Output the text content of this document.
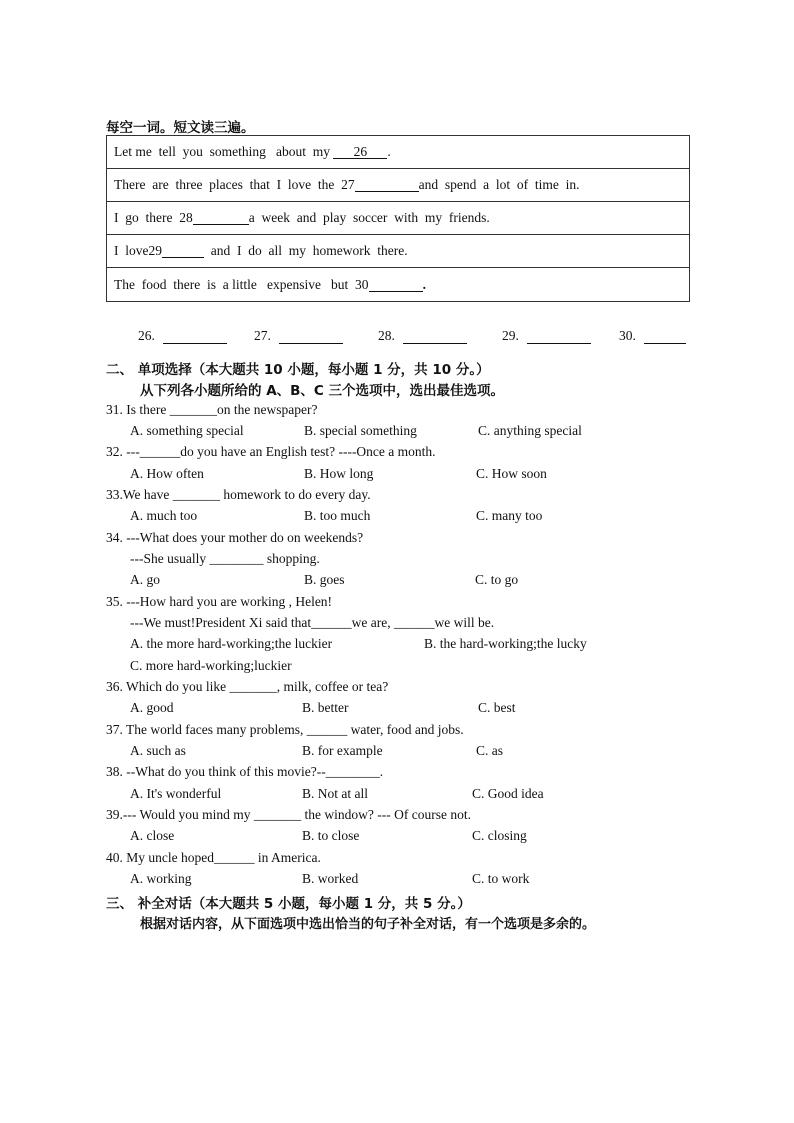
每空一词。短文读三遍。
Let me  tell  you  something   about  my	26	.
There  are  three  places  that  I  love  the  27	and  spend  a  lot  of  time  in.
I  go  there  28	a  week  and  play  soccer  with  my  friends.
I  love29	and  I  do  all  my  homework  there.
The  food  there  is  a little   expensive   but  30	.
26.	27.	28.	29.	30.
二、 单项选择（本大题共 10 小题，每小题 1 分，共 10 分。）
从下列各小题所给的 A、B、C 三个选项中，选出最佳选项。
31. Is there _______on the newspaper?
A. something special	B. special something	C. anything special
32. ---______do you have an English test? ----Once a month.
A. How often	B. How long	C. How soon
33.We have _______ homework to do every day.
A. much too	B. too much	C. many too
34. ---What does your mother do on weekends?
---She usually ________ shopping.
A. go	B. goes	C. to go
35. ---How hard you are working , Helen!
---We must!President Xi said that______we are, ______we will be.
A. the more hard-working;the luckier	B. the hard-working;the lucky
C. more hard-working;luckier
36. Which do you like _______, milk, coffee or tea?
A. good	B. better	C. best
37. The world faces many problems, ______ water, food and jobs.
A. such as	B. for example	C. as
38. --What do you think of this movie?--________.
A. It's wonderful	B. Not at all	C. Good idea
39.--- Would you mind my _______ the window? --- Of course not.
A. close	B. to close	C. closing
40. My uncle hoped______ in America.
A. working	B. worked	C. to work
三、 补全对话（本大题共 5 小题，每小题 1 分，共 5 分。）
根据对话内容，从下面选项中选出恰当的句子补全对话，有一个选项是多余的。
